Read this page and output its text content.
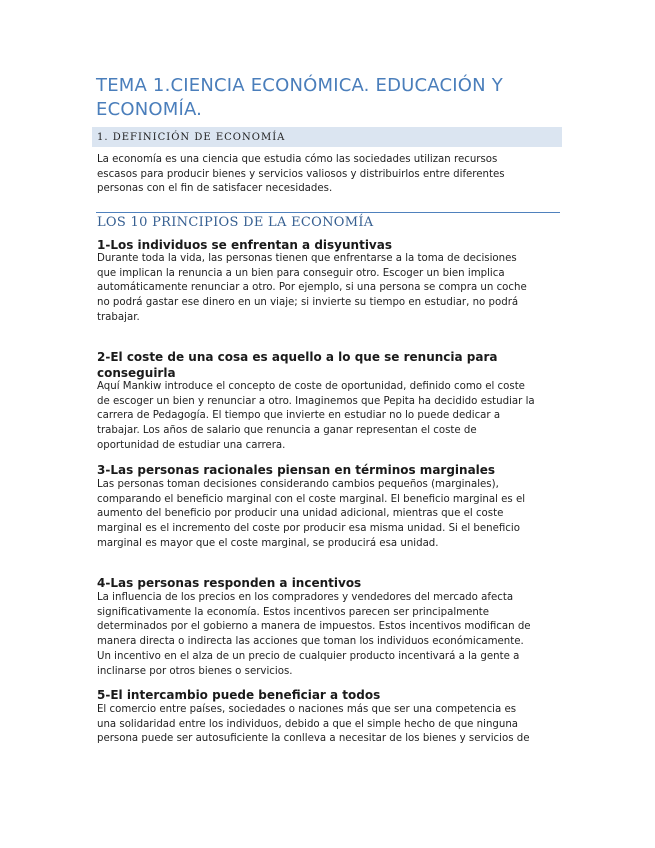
TEMA 1.CIENCIA ECONÓMICA. EDUCACIÓN Y
ECONOMÍA.
1. DEFINICIÓN DE ECONOMÍA

La economía es una ciencia que estudia cómo las sociedades utilizan recursos
escasos para producir bienes y servicios valiosos y distribuirlos entre diferentes
personas con el fin de satisfacer necesidades.

LOS 10 PRINCIPIOS DE LA ECONOMÍA
1-Los individuos se enfrentan a disyuntivas

Durante toda la vida, las personas tienen que enfrentarse a la toma de decisiones
que implican la renuncia a un bien para conseguir otro. Escoger un bien implica
automáticamente renunciar a otro. Por ejemplo, si una persona se compra un coche
no podrá gastar ese dinero en un viaje; si invierte su tiempo en estudiar, no podrá
trabajar.

2-El coste de una cosa es aquello a lo que se renuncia para
conseguirla

Aquí Mankiw introduce el concepto de coste de oportunidad, definido como el coste
de escoger un bien y renunciar a otro. Imaginemos que Pepita ha decidido estudiar la
carrera de Pedagogía. El tiempo que invierte en estudiar no lo puede dedicar a
trabajar. Los años de salario que renuncia a ganar representan el coste de
oportunidad de estudiar una carrera.

3-Las personas racionales piensan en términos marginales

Las personas toman decisiones considerando cambios pequeños (marginales),
comparando el beneficio marginal con el coste marginal. El beneficio marginal es el
aumento del beneficio por producir una unidad adicional, mientras que el coste
marginal es el incremento del coste por producir esa misma unidad. Si el beneficio
marginal es mayor que el coste marginal, se producirá esa unidad.

4-Las personas responden a incentivos

La influencia de los precios en los compradores y vendedores del mercado afecta
significativamente la economía. Estos incentivos parecen ser principalmente
determinados por el gobierno a manera de impuestos. Estos incentivos modifican de
manera directa o indirecta las acciones que toman los individuos económicamente.
Un incentivo en el alza de un precio de cualquier producto incentivará a la gente a
inclinarse por otros bienes o servicios.

5-El intercambio puede beneficiar a todos

El comercio entre países, sociedades o naciones más que ser una competencia es
una solidaridad entre los individuos, debido a que el simple hecho de que ninguna
persona puede ser autosuficiente la conlleva a necesitar de los bienes y servicios de
